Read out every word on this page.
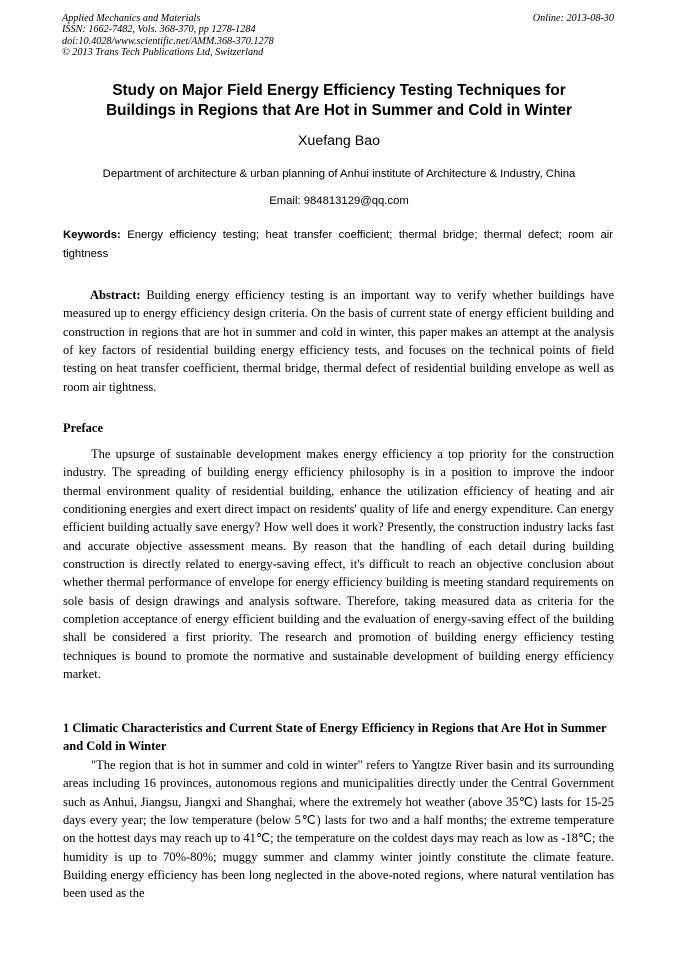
Applied Mechanics and Materials
ISSN: 1662-7482, Vols. 368-370, pp 1278-1284
doi:10.4028/www.scientific.net/AMM.368-370.1278
© 2013 Trans Tech Publications Ltd, Switzerland
Online: 2013-08-30
Study on Major Field Energy Efficiency Testing Techniques for
Buildings in Regions that Are Hot in Summer and Cold in Winter
Xuefang Bao
Department of architecture & urban planning of Anhui institute of Architecture & Industry, China
Email: 984813129@qq.com
Keywords: Energy efficiency testing; heat transfer coefficient; thermal bridge; thermal defect; room air tightness
Abstract: Building energy efficiency testing is an important way to verify whether buildings have measured up to energy efficiency design criteria. On the basis of current state of energy efficient building and construction in regions that are hot in summer and cold in winter, this paper makes an attempt at the analysis of key factors of residential building energy efficiency tests, and focuses on the technical points of field testing on heat transfer coefficient, thermal bridge, thermal defect of residential building envelope as well as room air tightness.
Preface
The upsurge of sustainable development makes energy efficiency a top priority for the construction industry. The spreading of building energy efficiency philosophy is in a position to improve the indoor thermal environment quality of residential building, enhance the utilization efficiency of heating and air conditioning energies and exert direct impact on residents' quality of life and energy expenditure. Can energy efficient building actually save energy? How well does it work? Presently, the construction industry lacks fast and accurate objective assessment means. By reason that the handling of each detail during building construction is directly related to energy-saving effect, it's difficult to reach an objective conclusion about whether thermal performance of envelope for energy efficiency building is meeting standard requirements on sole basis of design drawings and analysis software. Therefore, taking measured data as criteria for the completion acceptance of energy efficient building and the evaluation of energy-saving effect of the building shall be considered a first priority. The research and promotion of building energy efficiency testing techniques is bound to promote the normative and sustainable development of building energy efficiency market.
1 Climatic Characteristics and Current State of Energy Efficiency in Regions that Are Hot in Summer and Cold in Winter
"The region that is hot in summer and cold in winter" refers to Yangtze River basin and its surrounding areas including 16 provinces, autonomous regions and municipalities directly under the Central Government such as Anhui, Jiangsu, Jiangxi and Shanghai, where the extremely hot weather (above 35℃) lasts for 15-25 days every year; the low temperature (below 5℃) lasts for two and a half months; the extreme temperature on the hottest days may reach up to 41℃; the temperature on the coldest days may reach as low as -18℃; the humidity is up to 70%-80%; muggy summer and clammy winter jointly constitute the climate feature. Building energy efficiency has been long neglected in the above-noted regions, where natural ventilation has been used as the
